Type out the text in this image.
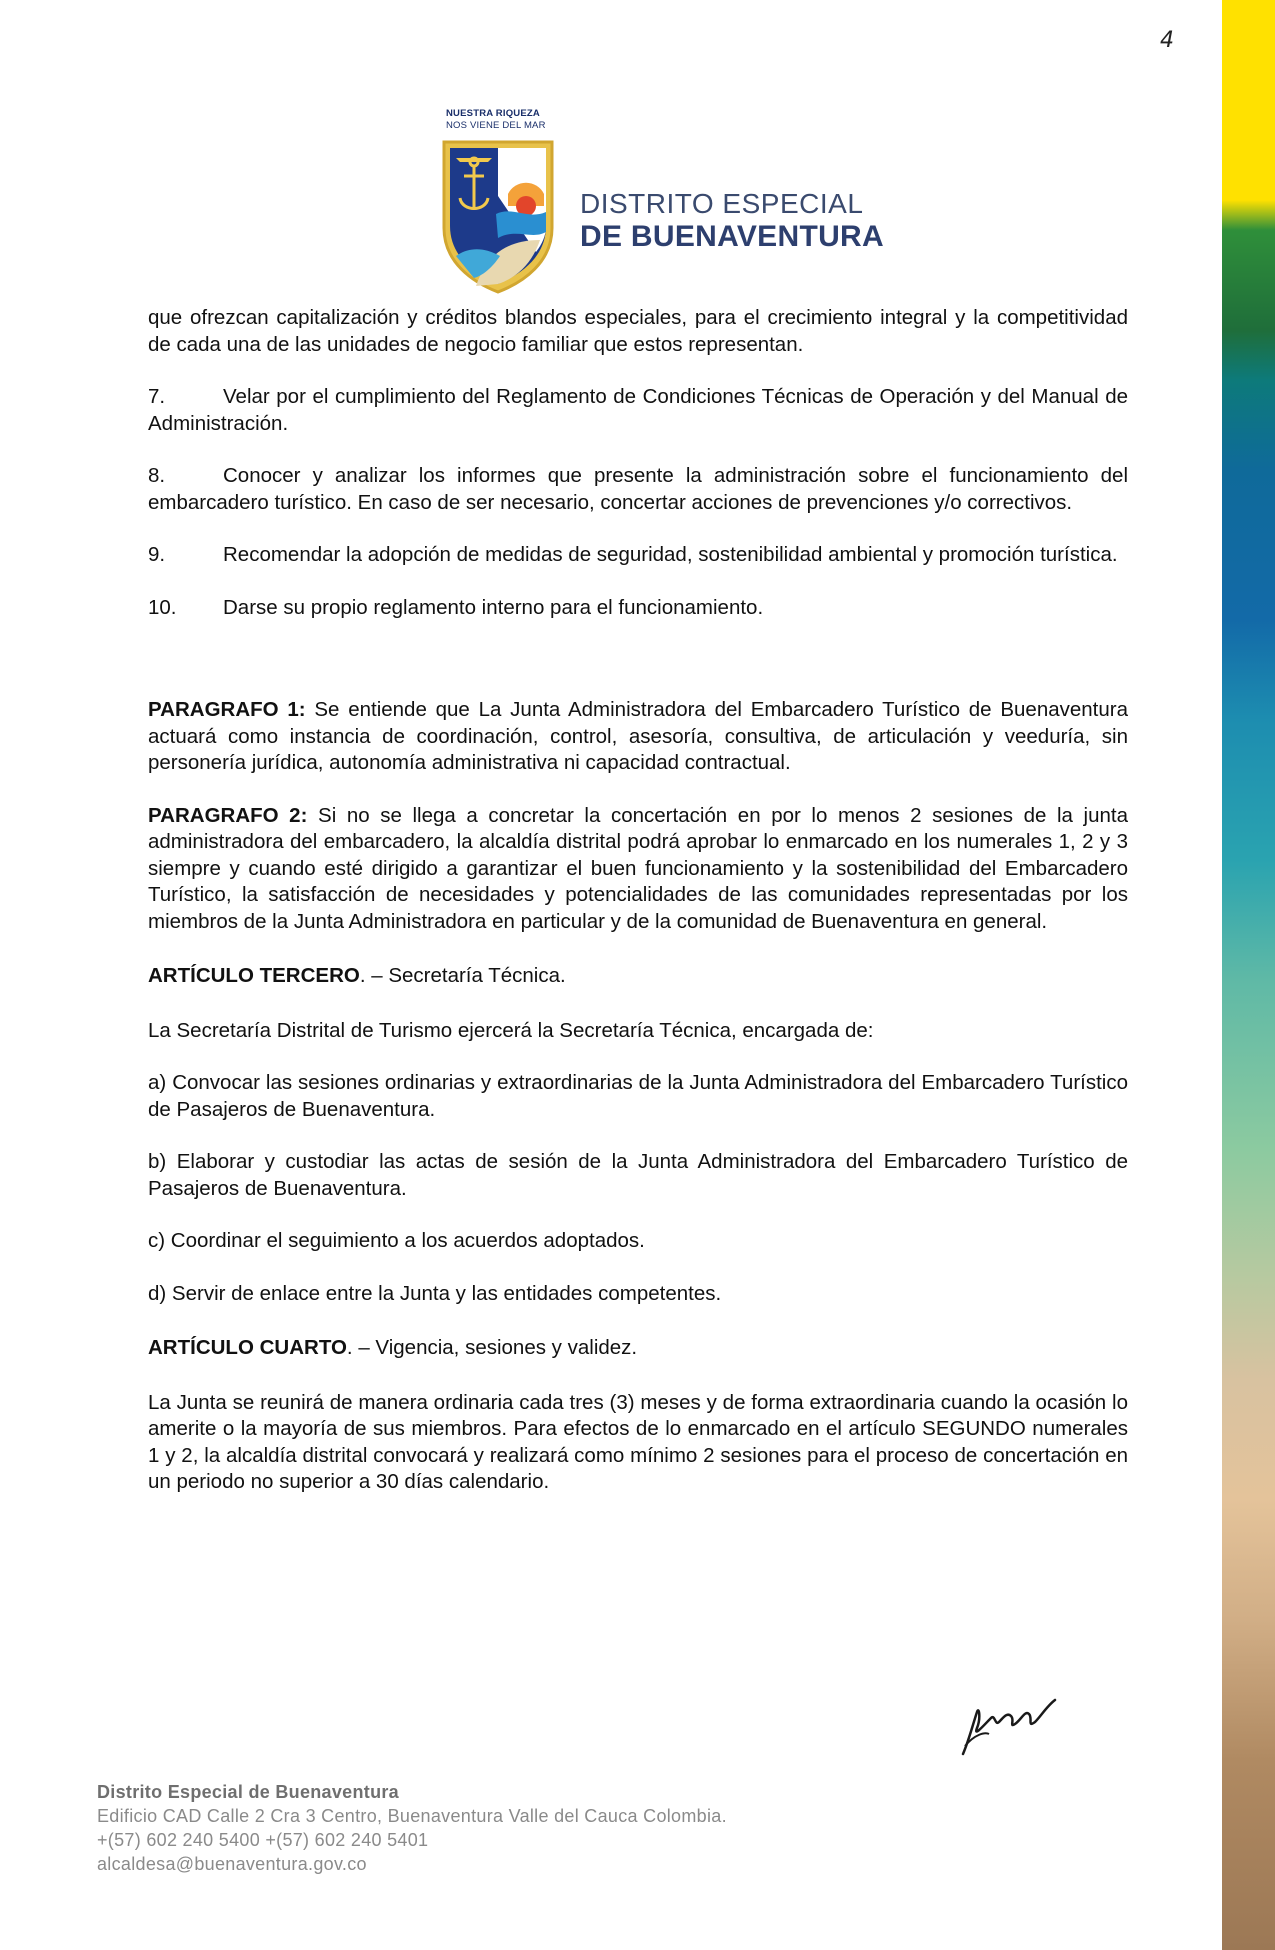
4
NUESTRA RIQUEZA
NOS VIENE DEL MAR
DISTRITO ESPECIAL
DE BUENAVENTURA

que ofrezcan capitalización y créditos blandos especiales, para el crecimiento integral y la competitividad de cada una de las unidades de negocio familiar que estos representan.

7.	Velar por el cumplimiento del Reglamento de Condiciones Técnicas de Operación y del Manual de Administración.

8.	Conocer y analizar los informes que presente la administración sobre el funcionamiento del embarcadero turístico. En caso de ser necesario, concertar acciones de prevenciones y/o correctivos.

9.	Recomendar la adopción de medidas de seguridad, sostenibilidad ambiental y promoción turística.

10. Darse su propio reglamento interno para el funcionamiento.

PARAGRAFO 1: Se entiende que La Junta Administradora del Embarcadero Turístico de Buenaventura actuará como instancia de coordinación, control, asesoría, consultiva, de articulación y veeduría, sin personería jurídica, autonomía administrativa ni capacidad contractual.

PARAGRAFO 2: Si no se llega a concretar la concertación en por lo menos 2 sesiones de la junta administradora del embarcadero, la alcaldía distrital podrá aprobar lo enmarcado en los numerales 1, 2 y 3 siempre y cuando esté dirigido a garantizar el buen funcionamiento y la sostenibilidad del Embarcadero Turístico, la satisfacción de necesidades y potencialidades de las comunidades representadas por los miembros de la Junta Administradora en particular y de la comunidad de Buenaventura en general.

ARTÍCULO TERCERO. – Secretaría Técnica.

La Secretaría Distrital de Turismo ejercerá la Secretaría Técnica, encargada de:

a) Convocar las sesiones ordinarias y extraordinarias de la Junta Administradora del Embarcadero Turístico de Pasajeros de Buenaventura.

b) Elaborar y custodiar las actas de sesión de la Junta Administradora del Embarcadero Turístico de Pasajeros de Buenaventura.

c) Coordinar el seguimiento a los acuerdos adoptados.

d) Servir de enlace entre la Junta y las entidades competentes.

ARTÍCULO CUARTO. – Vigencia, sesiones y validez.

La Junta se reunirá de manera ordinaria cada tres (3) meses y de forma extraordinaria cuando la ocasión lo amerite o la mayoría de sus miembros. Para efectos de lo enmarcado en el artículo SEGUNDO numerales 1 y 2, la alcaldía distrital convocará y realizará como mínimo 2 sesiones para el proceso de concertación en un periodo no superior a 30 días calendario.

Distrito Especial de Buenaventura
Edificio CAD Calle 2 Cra 3 Centro, Buenaventura Valle del Cauca Colombia.
+(57) 602 240 5400 +(57) 602 240 5401
alcaldesa@buenaventura.gov.co
